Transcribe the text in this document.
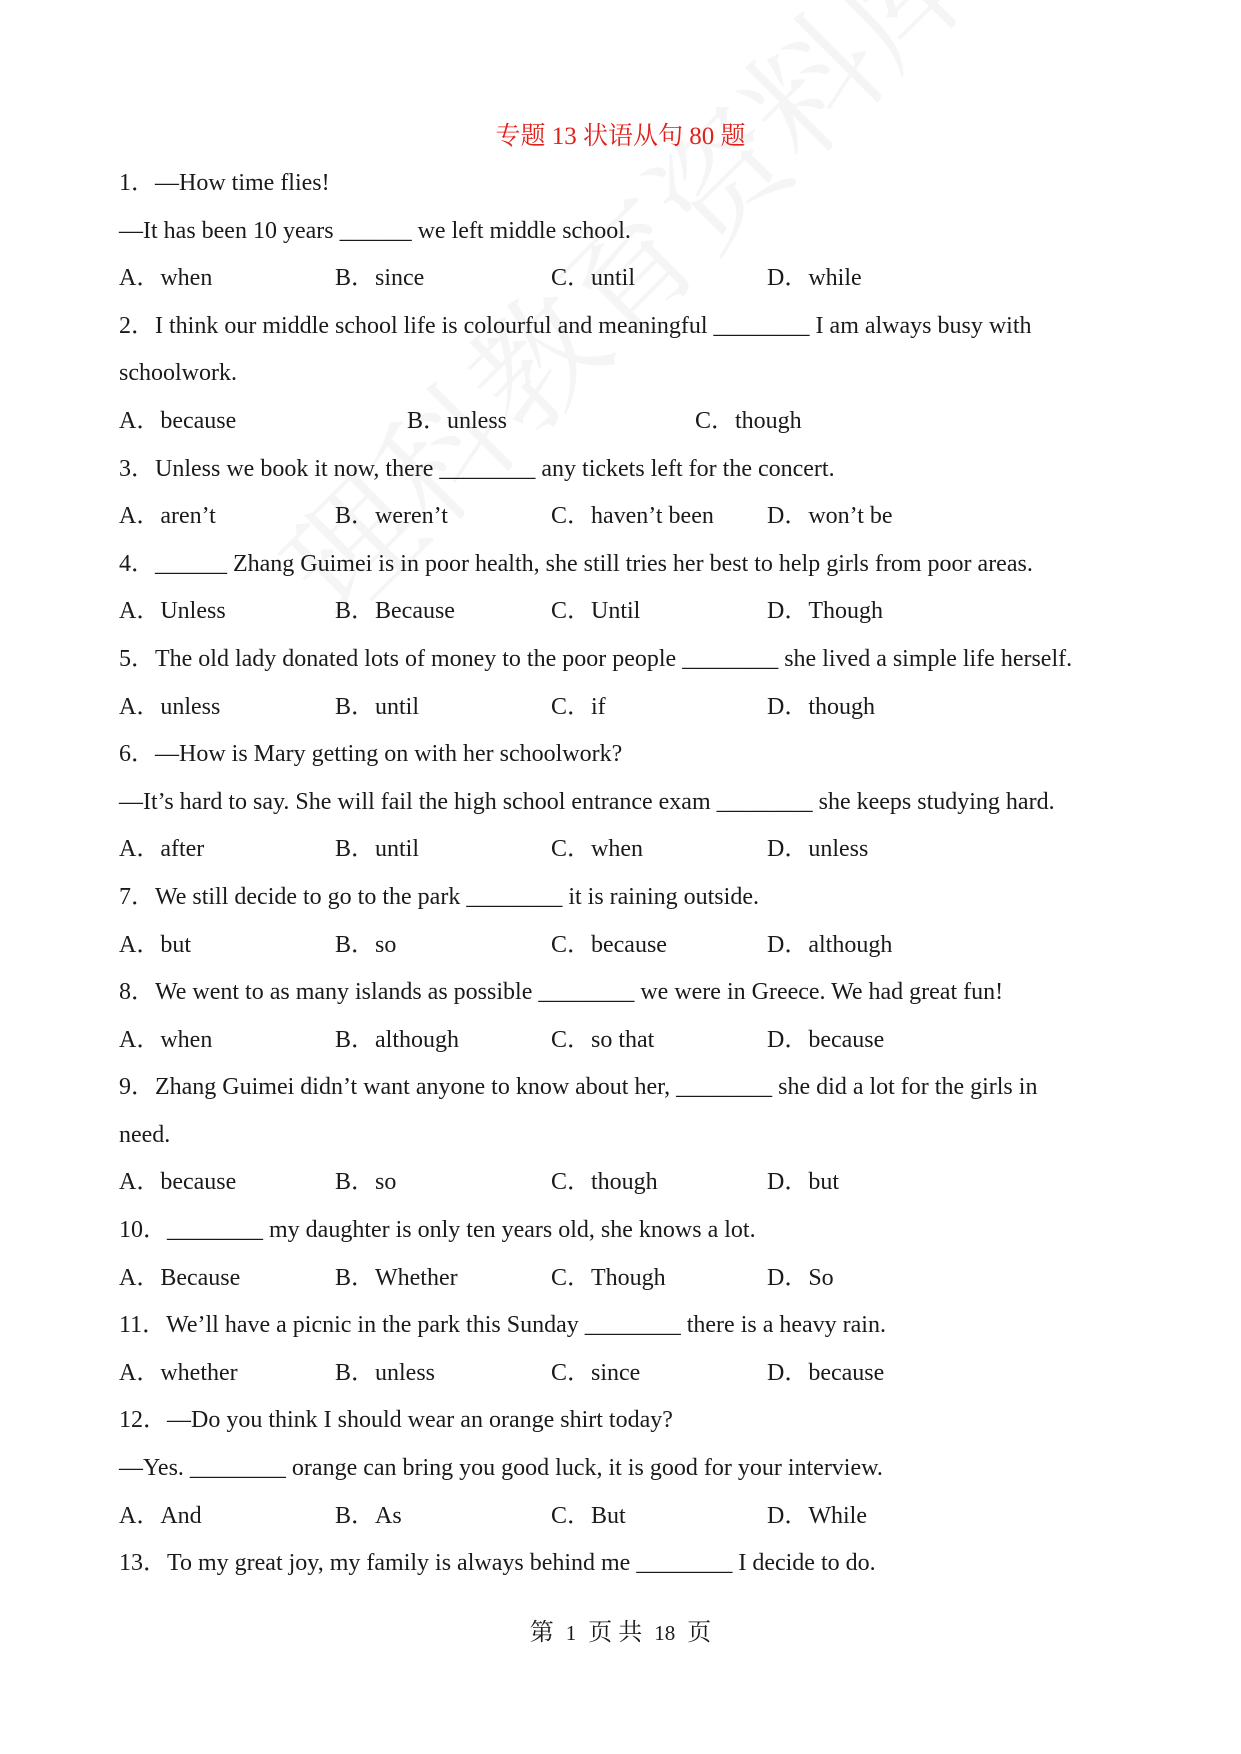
专题 13 状语从句 80 题
1．—How time flies!
—It has been 10 years ______ we left middle school.
A．when	B．since	C．until	D．while
2．I think our middle school life is colourful and meaningful ________ I am always busy with
schoolwork.
A．because	B．unless	C．though
3．Unless we book it now, there ________ any tickets left for the concert.
A．aren’t	B．weren’t	C．haven’t been	D．won’t be
4．______ Zhang Guimei is in poor health, she still tries her best to help girls from poor areas.
A．Unless	B．Because	C．Until	D．Though
5．The old lady donated lots of money to the poor people ________ she lived a simple life herself.
A．unless	B．until	C．if	D．though
6．—How is Mary getting on with her schoolwork?
—It’s hard to say. She will fail the high school entrance exam ________ she keeps studying hard.
A．after	B．until	C．when	D．unless
7．We still decide to go to the park ________ it is raining outside.
A．but	B．so	C．because	D．although
8．We went to as many islands as possible ________ we were in Greece. We had great fun!
A．when	B．although	C．so that	D．because
9．Zhang Guimei didn’t want anyone to know about her, ________ she did a lot for the girls in
need.
A．because	B．so	C．though	D．but
10．________ my daughter is only ten years old, she knows a lot.
A．Because	B．Whether	C．Though	D．So
11．We’ll have a picnic in the park this Sunday ________ there is a heavy rain.
A．whether	B．unless	C．since	D．because
12．—Do you think I should wear an orange shirt today?
—Yes. ________ orange can bring you good luck, it is good for your interview.
A．And	B．As	C．But	D．While
13．To my great joy, my family is always behind me ________ I decide to do.
第 1 页 共 18 页
